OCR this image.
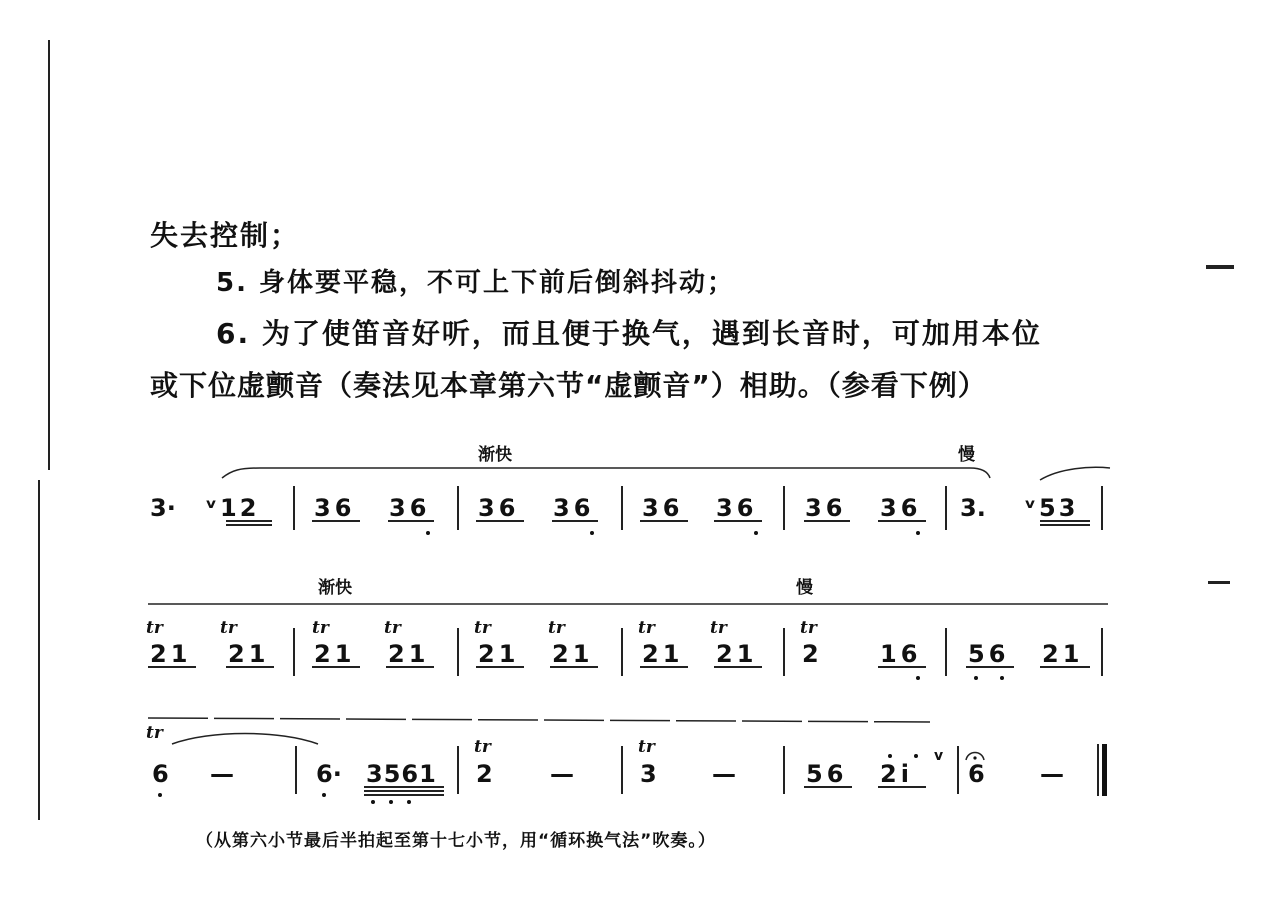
失去控制；
5. 身体要平稳，不可上下前后倒斜抖动；
6. 为了使笛音好听，而且便于换气，遇到长音时，可加用本位
或下位虚颤音（奏法见本章第六节“虚颤音”）相助。（参看下例）
渐快	慢
3· ᵛ12 36 36 36 36 36 36 36 36 3. ᵛ53
渐快	慢
tr	tr	tr	tr	tr	tr	tr	tr	tr
21 21 21 21 21 21 21 21 2	16 56 21
tr
tr	tr
6 —	6· 3561 2 —	3 —	56 2i 6 —
v
（从第六小节最后半拍起至第十七小节，用“循环换气法”吹奏。）
